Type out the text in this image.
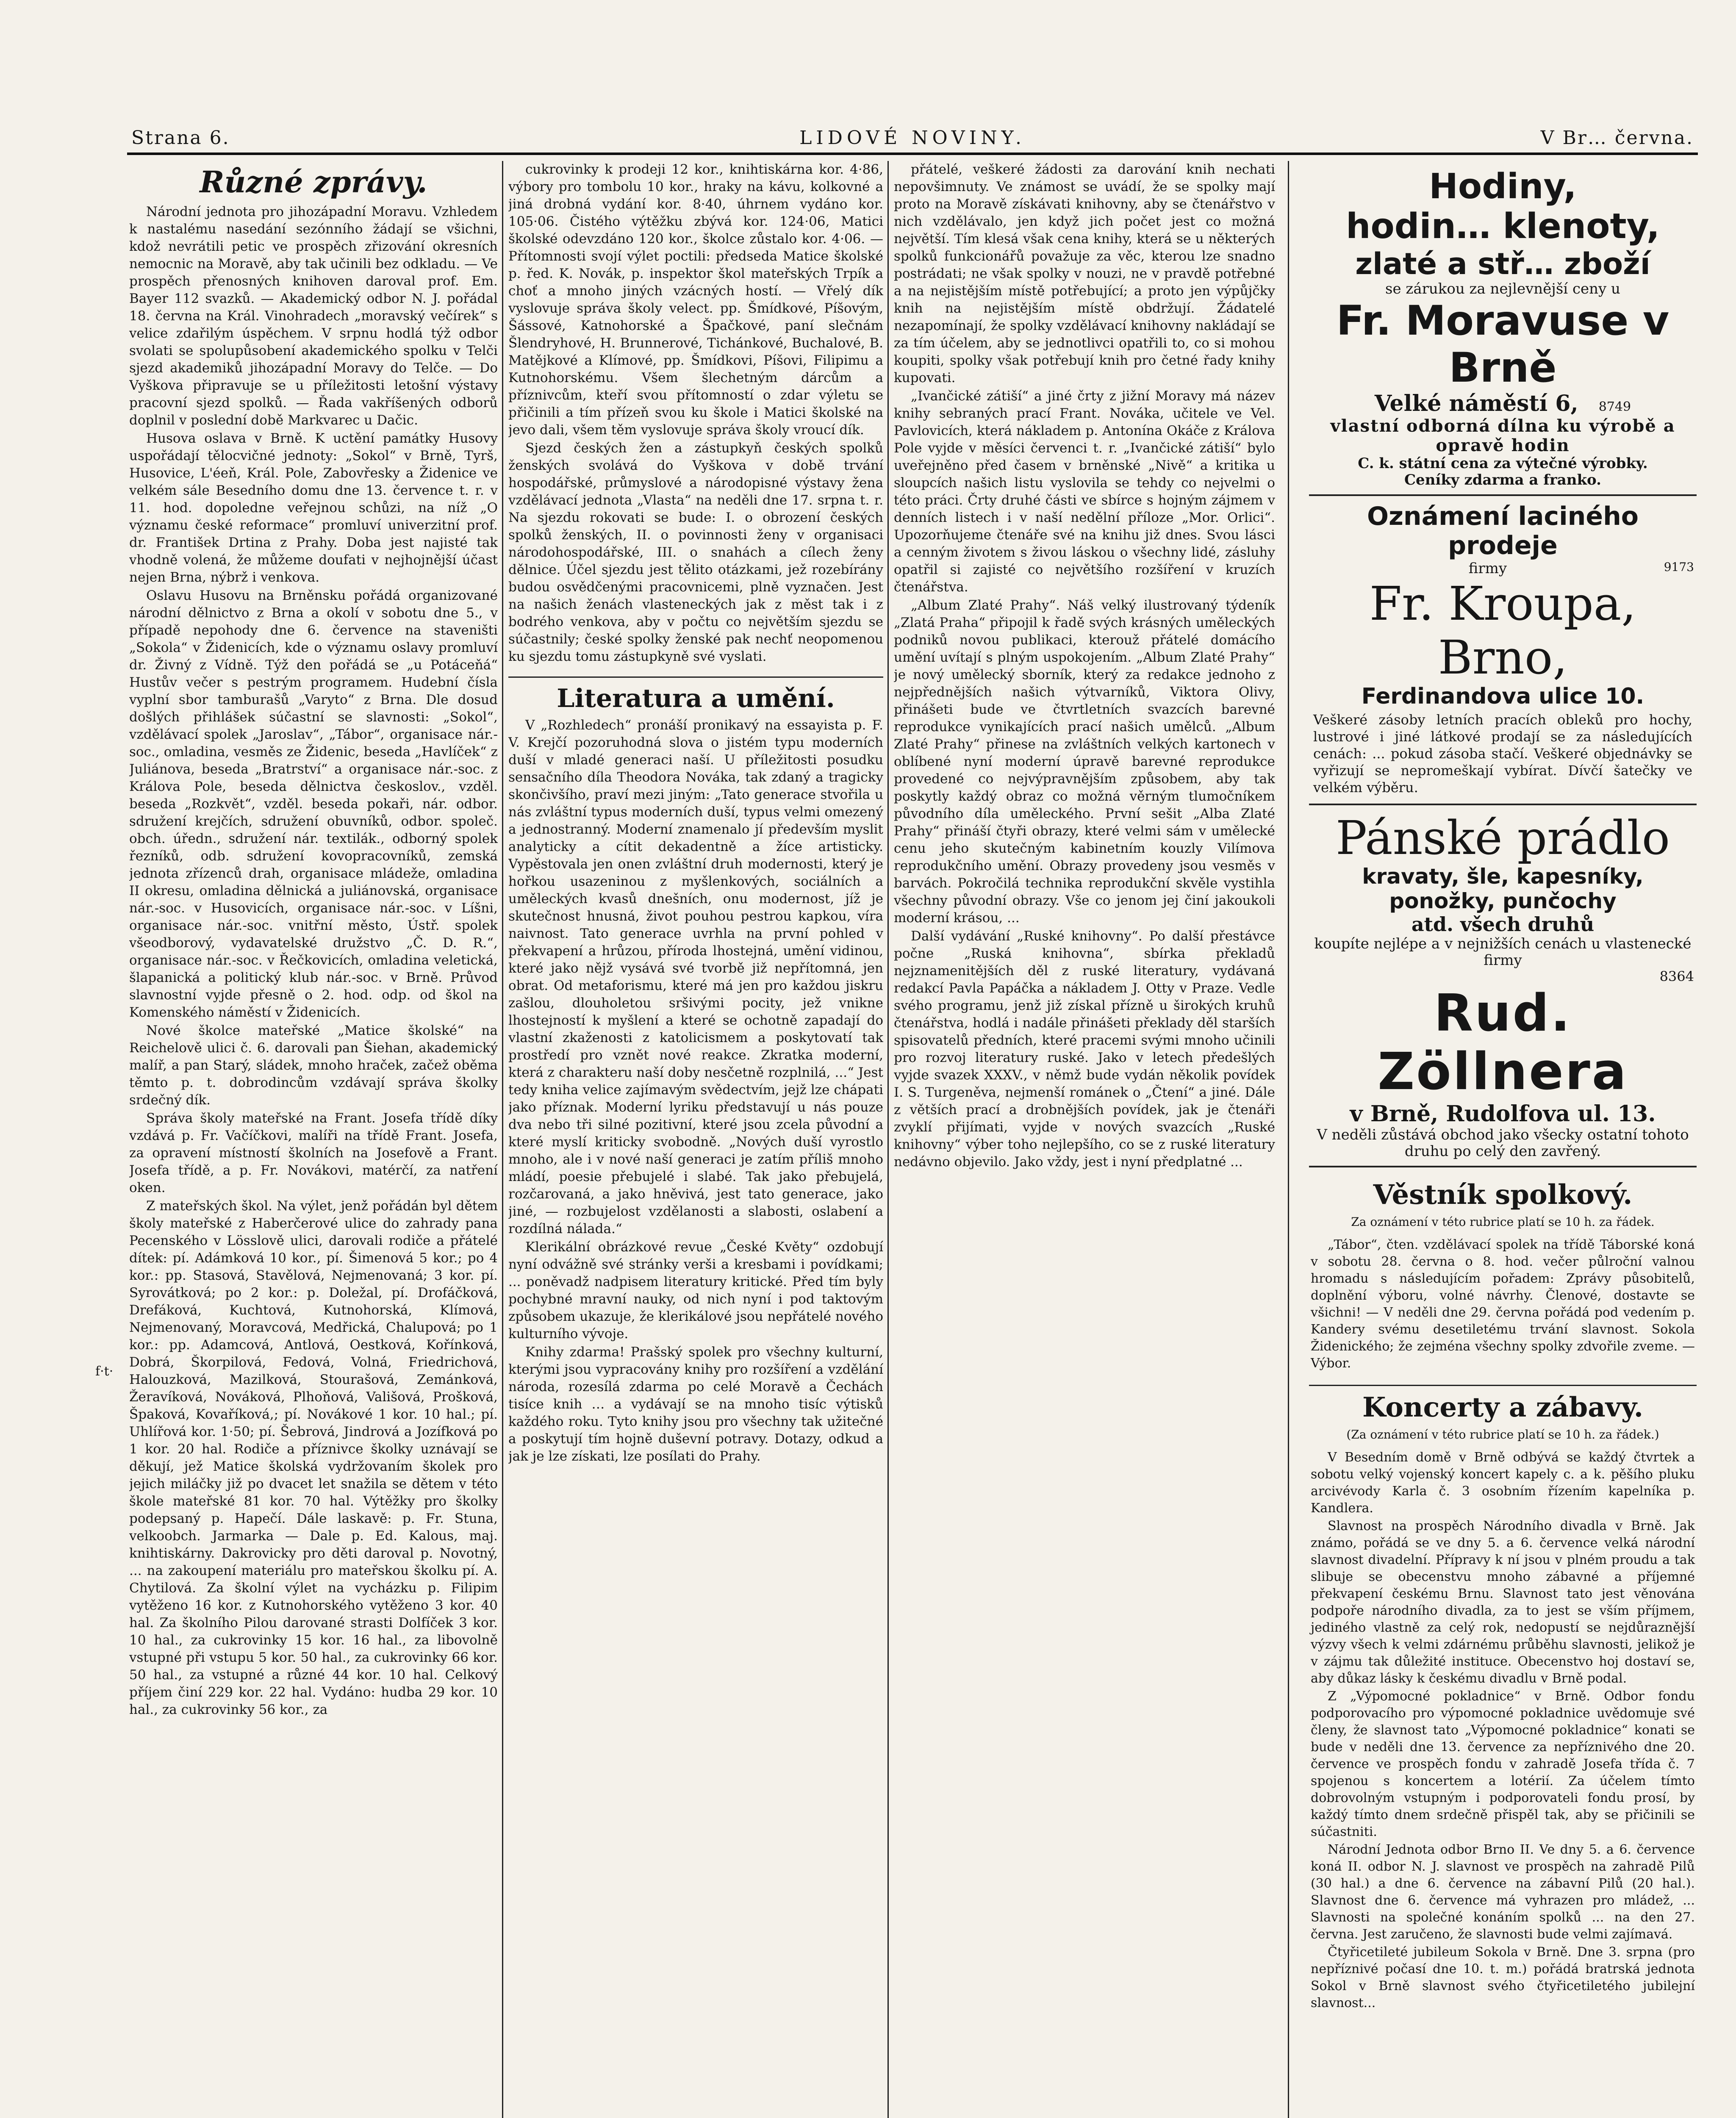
Strana 6.	LIDOVÉ NOVINY.	V Br… června.
Různé zprávy.

Národní jednota pro jihozápadní Moravu. Vzhledem k nastalému nasedání sezónního žádají se všichni, kdož nevrátili petic ve prospěch zřizování okresních nemocnic na Moravě, aby tak učinili bez odkladu. — Ve prospěch přenosných knihoven daroval prof. Em. Bayer 112 svazků. — Akademický odbor N. J. pořádal 18. června na Král. Vinohradech „moravský večírek“ s velice zdařilým úspěchem. V srpnu hodlá týž odbor svolati se spolupůsobení akademického spolku v Telči sjezd akademiků jihozápadní Moravy do Telče. — Do Vyškova připravuje se u příležitosti letošní výstavy pracovní sjezd spolků. — Řada vakříšených odborů doplnil v poslední době Markvarec u Dačic.

Husova oslava v Brně. K uctění památky Husovy uspořádají tělocvičné jednoty: „Sokol“ v Brně, Tyrš, Husovice, L'éeň, Král. Pole, Zabovřesky a Židenice ve velkém sále Besedního domu dne 13. července t. r. v 11. hod. dopoledne veřejnou schůzi, na níž „O významu české reformace“ promluví univerzitní prof. dr. František Drtina z Prahy. Doba jest najisté tak vhodně volená, že můžeme doufati v nejhojnější účast nejen Brna, nýbrž i venkova.

Oslavu Husovu na Brněnsku pořádá organizované národní dělnictvo z Brna a okolí v sobotu dne 5., v případě nepohody dne 6. července na staveništi „Sokola“ v Židenicích, kde o významu oslavy promluví dr. Živný z Vídně. Týž den pořádá se „u Potáceňá“ Hustův večer s pestrým programem. Hudební čísla vyplní sbor tamburašů „Varyto“ z Brna. Dle dosud došlých přihlášek súčastní se slavnosti: „Sokol“, vzdělávací spolek „Jaroslav“, „Tábor“, organisace nár.-soc., omladina, vesměs ze Židenic, beseda „Havlíček“ z Juliánova, beseda „Bratrství“ a organisace nár.-soc. z Králova Pole, beseda dělnictva českoslov., vzděl. beseda „Rozkvět“, vzděl. beseda pokaři, nár. odbor. sdružení krejčích, sdružení obuvníků, odbor. společ. obch. úředn., sdružení nár. textilák., odborný spolek řezníků, odb. sdružení kovopracovníků, zemská jednota zřízenců drah, organisace mládeže, omladina II okresu, omladina dělnická a juliánovská, organisace nár.-soc. v Husovicích, organisace nár.-soc. v Líšni, organisace nár.-soc. vnitřní město, Ústř. spolek všeodborový, vydavatelské družstvo „Č. D. R.“, organisace nár.-soc. v Řečkovicích, omladina veletická, šlapanická a politický klub nár.-soc. v Brně. Průvod slavnostní vyjde přesně o 2. hod. odp. od škol na Komenského náměstí v Židenicích.

Nové školce mateřské „Matice školské“ na Reichelově ulici č. 6. darovali pan Šiehan, akademický malíř, a pan Starý, sládek, mnoho hraček, začež oběma těmto p. t. dobrodincům vzdávají správa školky srdečný dík.

Správa školy mateřské na Frant. Josefa třídě díky vzdává p. Fr. Vačíčkovi, malíři na třídě Frant. Josefa, za opravení místností školních na Josefově a Frant. Josefa třídě, a p. Fr. Novákovi, matérčí, za natření oken.

Z mateřských škol. Na výlet, jenž pořádán byl dětem školy mateřské z Haberčerové ulice do zahrady pana Pecenského v Lösslově ulici, darovali rodiče a přátelé dítek: pí. Adámková 10 kor., pí. Šimenová 5 kor.; po 4 kor.: pp. Stasová, Stavělová, Nejmenovaná; 3 kor. pí. Syrovátková; po 2 kor.: p. Doležal, pí. Drofáčková, Drefáková, Kuchtová, Kutnohorská, Klímová, Nejmenovaný, Moravcová, Medřická, Chalupová; po 1 kor.: pp. Adamcová, Antlová, Oestková, Kořínková, Dobrá, Škorpilová, Fedová, Volná, Friedrichová, Halouzková, Mazilková, Stourašová, Zemánková, Žeravíková, Nováková, Plhoňová, Vališová, Prošková, Špaková, Kovaříková,; pí. Novákové 1 kor. 10 hal.; pí. Uhlířová kor. 1·50; pí. Šebrová, Jindrová a Jozífková po 1 kor. 20 hal. Rodiče a příznivce školky uznávají se děkují, jež Matice školská vydržovaním školek pro jejich miláčky již po dvacet let snažila se dětem v této škole mateřské 81 kor. 70 hal. Výtěžky pro školky podepsaný p. Hapečí. Dále laskavě: p. Fr. Stuna, velkoobch. Jarmarka — Dale p. Ed. Kalous, maj. knihtiskárny. Dakrovicky pro děti daroval p. Novotný, ... na zakoupení materiálu pro mateřskou školku pí. A. Chytilová. Za školní výlet na vycházku p. Filipim vytěženo 16 kor. z Kutnohorského vytěženo 3 kor. 40 hal. Za školního Pilou darované strasti Dolfíček 3 kor. 10 hal., za cukrovinky 15 kor. 16 hal., za libovolně vstupné při vstupu 5 kor. 50 hal., za cukrovinky 66 kor. 50 hal., za vstupné a různé 44 kor. 10 hal. Celkový příjem činí 229 kor. 22 hal. Vydáno: hudba 29 kor. 10 hal., za cukrovinky 56 kor., za

cukrovinky k prodeji 12 kor., knihtiskárna kor. 4·86, výbory pro tombolu 10 kor., hraky na kávu, kolkovné a jiná drobná vydání kor. 8·40, úhrnem vydáno kor. 105·06. Čistého výtěžku zbývá kor. 124·06, Matici školské odevzdáno 120 kor., školce zůstalo kor. 4·06. — Přítomnosti svojí výlet poctili: předseda Matice školské p. řed. K. Novák, p. inspektor škol mateřských Trpík a choť a mnoho jiných vzácných hostí. — Vřelý dík vyslovuje správa školy velect. pp. Šmídkové, Píšovým, Šássové, Katnohorské a Špačkové, paní slečnám Šlendryhové, H. Brunnerové, Tichánkové, Buchalové, B. Matějkové a Klímové, pp. Šmídkovi, Píšovi, Filipimu a Kutnohorskému. Všem šlechetným dárcům a příznivcům, kteří svou přítomností o zdar výletu se přičinili a tím přízeň svou ku škole i Matici školské na jevo dali, všem těm vyslovuje správa školy vroucí dík.

Sjezd českých žen a zástupkyň českých spolků ženských svolává do Vyškova v době trvání hospodářské, průmyslové a národopisné výstavy žena vzdělávací jednota „Vlasta“ na neděli dne 17. srpna t. r. Na sjezdu rokovati se bude: I. o obrození českých spolků ženských, II. o povinnosti ženy v organisaci národohospodářské, III. o snahách a cílech ženy dělnice. Účel sjezdu jest tělito otázkami, jež rozebírány budou osvědčenými pracovnicemi, plně vyznačen. Jest na našich ženách vlasteneckých jak z měst tak i z bodrého venkova, aby v počtu co největším sjezdu se súčastnily; české spolky ženské pak nechť neopomenou ku sjezdu tomu zástupkyně své vyslati.

Literatura a umění.

V „Rozhledech“ pronáší pronikavý na essayista p. F. V. Krejčí pozoruhodná slova o jistém typu moderních duší v mladé generaci naší. U příležitosti posudku sensačního díla Theodora Nováka, tak zdaný a tragicky skončivšího, praví mezi jiným: „Tato generace stvořila u nás zvláštní typus moderních duší, typus velmi omezený a jednostranný. Moderní znamenalo jí především myslit analyticky a cítit dekadentně a žíce artisticky. Vypěstovala jen onen zvláštní druh modernosti, který je hořkou usazeninou z myšlenkových, sociálních a uměleckých kvasů dnešních, onu modernost, jíž je skutečnost hnusná, život pouhou pestrou kapkou, víra naivnost. Tato generace uvrhla na první pohled v překvapení a hrůzou, příroda lhostejná, umění vidinou, které jako nějž vysává své tvorbě již nepřítomná, jen obrat. Od metaforismu, které má jen pro každou jiskru zašlou, dlouholetou sršivými pocity, jež vnikne lhostejností k myšlení a které se ochotně zapadají do vlastní zkaženosti z katolicismem a poskytovatí tak prostředí pro vznět nové reakce. Zkratka moderní, která z charakteru naší doby nesčetně rozplnilá, ...“ Jest tedy kniha velice zajímavým svědectvím, jejž lze chápati jako příznak. Moderní lyriku představují u nás pouze dva nebo tři silné pozitivní, které jsou zcela původní a které myslí kriticky svobodně. „Nových duší vyrostlo mnoho, ale i v nové naší generaci je zatím příliš mnoho mládí, poesie přebujelé i slabé. Tak jako přebujelá, rozčarovaná, a jako hněvivá, jest tato generace, jako jiné, — rozbujelost vzdělanosti a slabosti, oslabení a rozdílná nálada.“

Klerikální obrázkové revue „České Květy“ ozdobují nyní odvážně své stránky verši a kresbami i povídkami; ... poněvadž nadpisem literatury kritické. Před tím byly pochybné mravní nauky, od nich nyní i pod taktovým způsobem ukazuje, že klerikálové jsou nepřátelé nového kulturního vývoje.

Knihy zdarma! Prašský spolek pro všechny kulturní, kterými jsou vypracovány knihy pro rozšíření a vzdělání národa, rozesílá zdarma po celé Moravě a Čechách tisíce knih … a vydávají se na mnoho tisíc výtisků každého roku. Tyto knihy jsou pro všechny tak užitečné a poskytují tím hojně duševní potravy. Dotazy, odkud a jak je lze získati, lze posílati do Prahy.

přátelé, veškeré žádosti za darování knih nechati nepovšimnuty. Ve známost se uvádí, že se spolky mají proto na Moravě získávati knihovny, aby se čtenářstvo v nich vzdělávalo, jen když jich počet jest co možná největší. Tím klesá však cena knihy, která se u některých spolků funkcionářů považuje za věc, kterou lze snadno postrádati; ne však spolky v nouzi, ne v pravdě potřebné a na nejistějším místě potřebující; a proto jen výpůjčky knih na nejistějším místě obdržují. Žádatelé nezapomínají, že spolky vzdělávací knihovny nakládají se za tím účelem, aby se jednotlivci opatřili to, co si mohou koupiti, spolky však potřebují knih pro četné řady knihy kupovati.

„Ivančické zátiší“ a jiné črty z jižní Moravy má název knihy sebraných prací Frant. Nováka, učitele ve Vel. Pavlovicích, která nákladem p. Antonína Okáče z Králova Pole vyjde v měsíci červenci t. r. „Ivančické zátiší“ bylo uveřejněno před časem v brněnské „Nivě“ a kritika u sloupcích našich listu vyslovila se tehdy co nejvelmi o této práci. Črty druhé části ve sbírce s hojným zájmem v denních listech i v naší nedělní příloze „Mor. Orlici“. Upozorňujeme čtenáře své na knihu již dnes. Svou lásci a cenným životem s živou láskou o všechny lidé, zásluhy opatřil si zajisté co největšího rozšíření v kruzích čtenářstva.

„Album Zlaté Prahy“. Náš velký ilustrovaný týdeník „Zlatá Praha“ připojil k řadě svých krásných uměleckých podniků novou publikaci, kterouž přátelé domácího umění uvítají s plným uspokojením. „Album Zlaté Prahy“ je nový umělecký sborník, který za redakce jednoho z nejpřednějších našich výtvarníků, Viktora Olivy, přinášeti bude ve čtvrtletních svazcích barevné reprodukce vynikajících prací našich umělců. „Album Zlaté Prahy“ přinese na zvláštních velkých kartonech v oblíbené nyní moderní úpravě barevné reprodukce provedené co nejvýpravnějším způsobem, aby tak poskytly každý obraz co možná věrným tlumočníkem původního díla uměleckého. První sešit „Alba Zlaté Prahy“ přináší čtyři obrazy, které velmi sám v umělecké cenu jeho skutečným kabinetním kouzly Vilímova reprodukčního umění. Obrazy provedeny jsou vesměs v barvách. Pokročilá technika reprodukční skvěle vystihla všechny původní obrazy. Vše co jenom jej činí jakoukoli moderní krásou, ...

Další vydávání „Ruské knihovny“. Po další přestávce počne „Ruská knihovna“, sbírka překladů nejznamenitějších děl z ruské literatury, vydávaná redakcí Pavla Papáčka a nákladem J. Otty v Praze. Vedle svého programu, jenž již získal přízně u širokých kruhů čtenářstva, hodlá i nadále přinášeti překlady děl starších spisovatelů předních, které pracemi svými mnoho učinili pro rozvoj literatury ruské. Jako v letech předešlých vyjde svazek XXXV., v němž bude vydán několik povídek I. S. Turgeněva, nejmenší románek o „Čtení“ a jiné. Dále z větších prací a drobnějších povídek, jak je čtenáři zvyklí přijímati, vyjde v nových svazcích „Ruské knihovny“ výber toho nejlepšího, co se z ruské literatury nedávno objevilo. Jako vždy, jest i nyní předplatné ...

Hodiny,
hodin… klenoty,
zlaté a stř… zboží
se zárukou za nejlevnější ceny u
Fr. Moravuse v Brně
Velké náměstí 6, 8749
vlastní odborná dílna ku výrobě a opravě hodin
C. k. státní cena za výtečné výrobky.
Ceníky zdarma a franko.
Oznámení laciného prodeje
firmy	9173
Fr. Kroupa, Brno,
Ferdinandova ulice 10.
Veškeré zásoby letních pracích obleků pro hochy, lustrové i jiné látkové prodají se za následujících cenách: ... pokud zásoba stačí. Veškeré objednávky se vyřizují se nepromeškají vybírat. Dívčí šatečky ve velkém výběru.
Pánské prádlo
kravaty, šle, kapesníky, ponožky, punčochy
atd. všech druhů
koupíte nejlépe a v nejnižších cenách u vlastenecké firmy
8364
Rud. Zöllnera
v Brně, Rudolfova ul. 13.
V neděli zůstává obchod jako všecky ostatní tohoto druhu po celý den zavřený.
Věstník spolkový.
Za oznámení v této rubrice platí se 10 h. za řádek.

„Tábor“, čten. vzdělávací spolek na třídě Táborské koná v sobotu 28. června o 8. hod. večer půlroční valnou hromadu s následujícím pořadem: Zprávy působitelů, doplnění výboru, volné návrhy. Členové, dostavte se všichni! — V neděli dne 29. června pořádá pod vedením p. Kandery svému desetiletému trvání slavnost. Sokola Židenického; že zejména všechny spolky zdvořile zveme. — Výbor.

Koncerty a zábavy.
(Za oznámení v této rubrice platí se 10 h. za řádek.)

V Besedním domě v Brně odbývá se každý čtvrtek a sobotu velký vojenský koncert kapely c. a k. pěšího pluku arcivévody Karla č. 3 osobním řízením kapelníka p. Kandlera.

Slavnost na prospěch Národního divadla v Brně. Jak známo, pořádá se ve dny 5. a 6. července velká národní slavnost divadelní. Přípravy k ní jsou v plném proudu a tak slibuje se obecenstvu mnoho zábavné a příjemné překvapení českému Brnu. Slavnost tato jest věnována podpoře národního divadla, za to jest se vším příjmem, jediného vlastně za celý rok, nedopustí se nejdůraznější výzvy všech k velmi zdárnému průběhu slavnosti, jelikož je v zájmu tak důležité instituce. Obecenstvo hoj dostaví se, aby důkaz lásky k českému divadlu v Brně podal.

Z „Výpomocné pokladnice“ v Brně. Odbor fondu podporovacího pro výpomocné pokladnice uvědomuje své členy, že slavnost tato „Výpomocné pokladnice“ konati se bude v neděli dne 13. července za nepříznivého dne 20. července ve prospěch fondu v zahradě Josefa třída č. 7 spojenou s koncertem a lotérií. Za účelem tímto dobrovolným vstupným i podporovateli fondu prosí, by každý tímto dnem srdečně přispěl tak, aby se přičinili se súčastniti.

Národní Jednota odbor Brno II. Ve dny 5. a 6. července koná II. odbor N. J. slavnost ve prospěch na zahradě Pilů (30 hal.) a dne 6. července na zábavní Pilů (20 hal.). Slavnost dne 6. července má vyhrazen pro mládež, ... Slavnosti na společné konáním spolků ... na den 27. června. Jest zaručeno, že slavnosti bude velmi zajímavá.

Čtyřicetileté jubileum Sokola v Brně. Dne 3. srpna (pro nepříznivé počasí dne 10. t. m.) pořádá bratrská jednota Sokol v Brně slavnost svého čtyřicetiletého jubilejní slavnost...

f·t·
